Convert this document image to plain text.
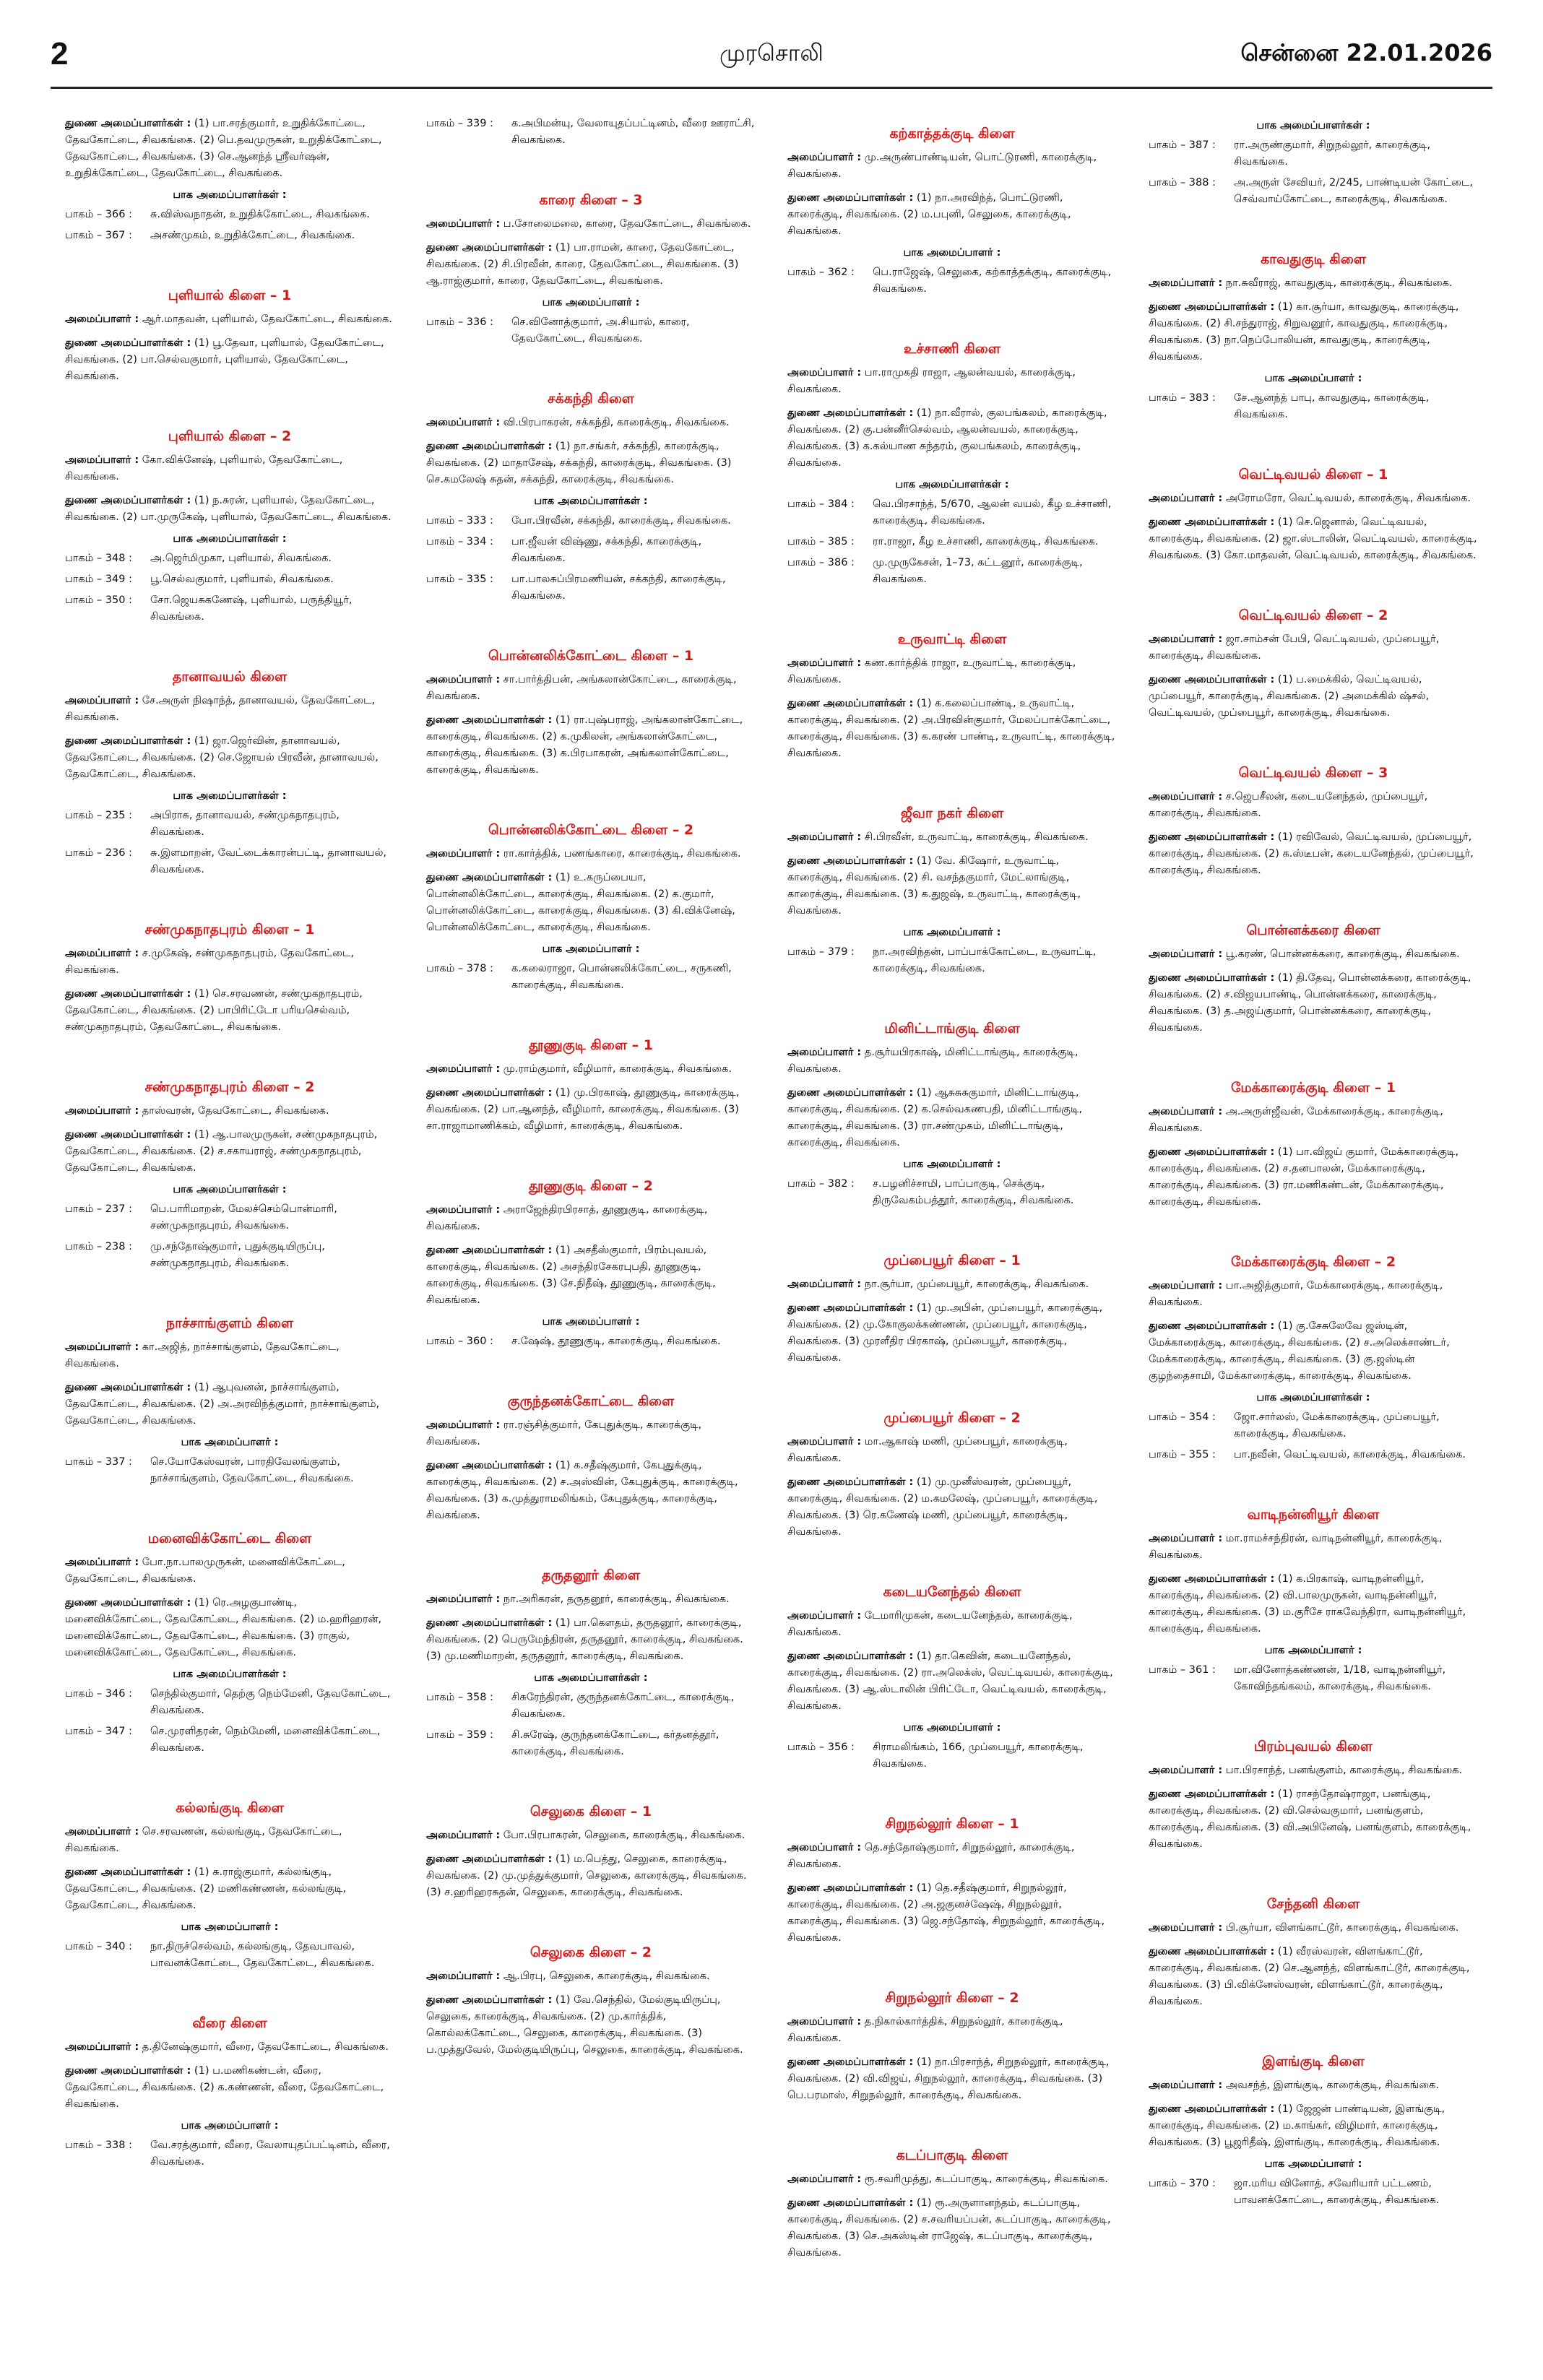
2	முரசொலி	சென்னை 22.01.2026
துணை அமைப்பாளர்கள் : (1) பா.சரத்குமார், உறுதிக்கோட்டை, தேவகோட்டை, சிவகங்கை. (2) பெ.தவமுருகன், உறுதிக்கோட்டை, தேவகோட்டை, சிவகங்கை. (3) செ.ஆனந்த் ஸ்ரீவர்ஷன், உறுதிக்கோட்டை, தேவகோட்டை, சிவகங்கை.
பாக அமைப்பாளர்கள் :
பாகம் – 366 :	சு.விஸ்வநாதன், உறுதிக்கோட்டை, சிவகங்கை.
பாகம் – 367 :	அசண்முகம், உறுதிக்கோட்டை, சிவகங்கை.
புளியால் கிளை – 1
அமைப்பாளர் : ஆர்.மாதவன், புளியால், தேவகோட்டை, சிவகங்கை.
துணை அமைப்பாளர்கள் : (1) பூ.தேவா, புளியால், தேவகோட்டை, சிவகங்கை. (2) பா.செல்வகுமார், புளியால், தேவகோட்டை, சிவகங்கை.
புளியால் கிளை – 2
அமைப்பாளர் : கோ.விக்னேஷ், புளியால், தேவகோட்டை, சிவகங்கை.
துணை அமைப்பாளர்கள் : (1) ந.சுரன், புளியால், தேவகோட்டை, சிவகங்கை. (2) பா.முருகேஷ், புளியால், தேவகோட்டை, சிவகங்கை.
பாக அமைப்பாளர்கள் :
பாகம் – 348 :	அ.ஜெர்மிமுகா, புளியால், சிவகங்கை.
பாகம் – 349 :	பூ.செல்வகுமார், புளியால், சிவகங்கை.
பாகம் – 350 :	சோ.ஜெயசுகணேஷ், புளியால், பருத்தியூர், சிவகங்கை.
தானாவயல் கிளை
அமைப்பாளர் : சே.அருள் நிஷாந்த், தானாவயல், தேவகோட்டை, சிவகங்கை.
துணை அமைப்பாளர்கள் : (1) ஜா.ஜெர்வின், தானாவயல், தேவகோட்டை, சிவகங்கை. (2) செ.ஜோயல் பிரவீன், தானாவயல், தேவகோட்டை, சிவகங்கை.
பாக அமைப்பாளர்கள் :
பாகம் – 235 :	அபிராசு, தானாவயல், சண்முகநாதபுரம், சிவகங்கை.
பாகம் – 236 :	சு.இளமாறன், வேட்டைக்காரன்பட்டி, தானாவயல், சிவகங்கை.
சண்முகநாதபுரம் கிளை – 1
அமைப்பாளர் : ச.முகேஷ், சண்முகநாதபுரம், தேவகோட்டை, சிவகங்கை.
துணை அமைப்பாளர்கள் : (1) செ.சரவணன், சண்முகநாதபுரம், தேவகோட்டை, சிவகங்கை. (2) பாபிரிட்டோ பரியசெல்வம், சண்முகநாதபுரம், தேவகோட்டை, சிவகங்கை.
சண்முகநாதபுரம் கிளை – 2
அமைப்பாளர் : தாஸ்வரன், தேவகோட்டை, சிவகங்கை.
துணை அமைப்பாளர்கள் : (1) ஆ.பாலமுருகன், சண்முகநாதபுரம், தேவகோட்டை, சிவகங்கை. (2) ச.சகாயராஜ், சண்முகநாதபுரம், தேவகோட்டை, சிவகங்கை.
பாக அமைப்பாளர்கள் :
பாகம் – 237 :	பெ.பாரிமாறன், மேலச்செம்பொன்மாரி, சண்முகநாதபுரம், சிவகங்கை.
பாகம் – 238 :	மு.சந்தோஷ்குமார், புதுக்குடியிருப்பு, சண்முகநாதபுரம், சிவகங்கை.
நாச்சாங்குளம் கிளை
அமைப்பாளர் : கா.அஜித், நாச்சாங்குளம், தேவகோட்டை, சிவகங்கை.
துணை அமைப்பாளர்கள் : (1) ஆபுவனன், நாச்சாங்குளம், தேவகோட்டை, சிவகங்கை. (2) அ.அரவிந்த்குமார், நாச்சாங்குளம், தேவகோட்டை, சிவகங்கை.
பாக அமைப்பாளர் :
பாகம் – 337 :	செ.யோகேஸ்வரன், பாரதிவேலங்குளம், நாச்சாங்குளம், தேவகோட்டை, சிவகங்கை.
மனைவிக்கோட்டை கிளை
அமைப்பாளர் : போ.நா.பாலமுருகன், மனைவிக்கோட்டை, தேவகோட்டை, சிவகங்கை.
துணை அமைப்பாளர்கள் : (1) ரெ.அழகுபாண்டி, மனைவிக்கோட்டை, தேவகோட்டை, சிவகங்கை. (2) ம.ஹரிஹரன், மனைவிக்கோட்டை, தேவகோட்டை, சிவகங்கை. (3) ராகுல், மனைவிக்கோட்டை, தேவகோட்டை, சிவகங்கை.
பாக அமைப்பாளர்கள் :
பாகம் – 346 :	செந்தில்குமார், தெற்கு நெம்மேனி, தேவகோட்டை, சிவகங்கை.
பாகம் – 347 :	செ.முரளிதரன், நெம்மேனி, மனைவிக்கோட்டை, சிவகங்கை.
கல்லங்குடி கிளை
அமைப்பாளர் : செ.சரவணன், கல்லங்குடி, தேவகோட்டை, சிவகங்கை.
துணை அமைப்பாளர்கள் : (1) சு.ராஜ்குமார், கல்லங்குடி, தேவகோட்டை, சிவகங்கை. (2) மணிகண்ணன், கல்லங்குடி, தேவகோட்டை, சிவகங்கை.
பாக அமைப்பாளர் :
பாகம் – 340 :	நா.திருச்செல்வம், கல்லங்குடி, தேவபாவல், பாவனக்கோட்டை, தேவகோட்டை, சிவகங்கை.
வீரை கிளை
அமைப்பாளர் : த.தினேஷ்குமார், வீரை, தேவகோட்டை, சிவகங்கை.
துணை அமைப்பாளர்கள் : (1) ப.மணிகண்டன், வீரை, தேவகோட்டை, சிவகங்கை. (2) க.கண்ணன், வீரை, தேவகோட்டை, சிவகங்கை.
பாக அமைப்பாளர் :
பாகம் – 338 :	வே.சரத்குமார், வீரை, வேலாயுதப்பட்டினம், வீரை, சிவகங்கை.
பாகம் – 339 :	க.அபிமன்யு, வேலாயுதப்பட்டினம், வீரை ஊராட்சி, சிவகங்கை.
காரை கிளை – 3
அமைப்பாளர் : ப.சோலைமலை, காரை, தேவகோட்டை, சிவகங்கை.
துணை அமைப்பாளர்கள் : (1) பா.ராமன், காரை, தேவகோட்டை, சிவகங்கை. (2) சி.பிரவீன், காரை, தேவகோட்டை, சிவகங்கை. (3) ஆ.ராஜ்குமார், காரை, தேவகோட்டை, சிவகங்கை.
பாக அமைப்பாளர் :
பாகம் – 336 :	செ.வினோத்குமார், அ.சியால், காரை, தேவகோட்டை, சிவகங்கை.
சக்கந்தி கிளை
அமைப்பாளர் : வி.பிரபாகரன், சக்கந்தி, காரைக்குடி, சிவகங்கை.
துணை அமைப்பாளர்கள் : (1) நா.சங்கர், சக்கந்தி, காரைக்குடி, சிவகங்கை. (2) மாதாசேஷ், சக்கந்தி, காரைக்குடி, சிவகங்கை. (3) செ.கமலேஷ் சுதன், சக்கந்தி, காரைக்குடி, சிவகங்கை.
பாக அமைப்பாளர்கள் :
பாகம் – 333 :	போ.பிரவீன், சக்கந்தி, காரைக்குடி, சிவகங்கை.
பாகம் – 334 :	பா.ஜீவன் விஷ்ணு, சக்கந்தி, காரைக்குடி, சிவகங்கை.
பாகம் – 335 :	பா.பாலசுப்பிரமணியன், சக்கந்தி, காரைக்குடி, சிவகங்கை.
பொன்னலிக்கோட்டை கிளை – 1
அமைப்பாளர் : சா.பார்த்திபன், அங்கலான்கோட்டை, காரைக்குடி, சிவகங்கை.
துணை அமைப்பாளர்கள் : (1) ரா.புஷ்பராஜ், அங்கலான்கோட்டை, காரைக்குடி, சிவகங்கை. (2) க.முகிலன், அங்கலான்கோட்டை, காரைக்குடி, சிவகங்கை. (3) க.பிரபாகரன், அங்கலான்கோட்டை, காரைக்குடி, சிவகங்கை.
பொன்னலிக்கோட்டை கிளை – 2
அமைப்பாளர் : ரா.கார்த்திக், பணங்காரை, காரைக்குடி, சிவகங்கை.
துணை அமைப்பாளர்கள் : (1) உ.கருப்பையா, பொன்னலிக்கோட்டை, காரைக்குடி, சிவகங்கை. (2) க.குமார், பொன்னலிக்கோட்டை, காரைக்குடி, சிவகங்கை. (3) கி.விக்னேஷ், பொன்னலிக்கோட்டை, காரைக்குடி, சிவகங்கை.
பாக அமைப்பாளர் :
பாகம் – 378 :	க.கலைராஜா, பொன்னலிக்கோட்டை, சருகணி, காரைக்குடி, சிவகங்கை.
தூணுகுடி கிளை – 1
அமைப்பாளர் : மு.ராம்குமார், வீழிமார், காரைக்குடி, சிவகங்கை.
துணை அமைப்பாளர்கள் : (1) மு.பிரகாஷ், தூணுகுடி, காரைக்குடி, சிவகங்கை. (2) பா.ஆனந்த், வீழிமார், காரைக்குடி, சிவகங்கை. (3) சா.ராஜாமாணிக்கம், வீழிமார், காரைக்குடி, சிவகங்கை.
தூணுகுடி கிளை – 2
அமைப்பாளர் : அராஜேந்திரபிரசாத், தூணுகுடி, காரைக்குடி, சிவகங்கை.
துணை அமைப்பாளர்கள் : (1) அசதீஸ்குமார், பிரம்புவயல், காரைக்குடி, சிவகங்கை. (2) அசந்திரசேகரபுபதி, தூணுகுடி, காரைக்குடி, சிவகங்கை. (3) சே.நிதீஷ், தூணுகுடி, காரைக்குடி, சிவகங்கை.
பாக அமைப்பாளர் :
பாகம் – 360 :	ச.ஷேஷ், தூணுகுடி, காரைக்குடி, சிவகங்கை.
குருந்தனக்கோட்டை கிளை
அமைப்பாளர் : ரா.ரஞ்சித்குமார், கேபுதுக்குடி, காரைக்குடி, சிவகங்கை.
துணை அமைப்பாளர்கள் : (1) க.சதீஷ்குமார், கேபுதுக்குடி, காரைக்குடி, சிவகங்கை. (2) ச.அஸ்வின், கேபுதுக்குடி, காரைக்குடி, சிவகங்கை. (3) க.முத்துராமலிங்கம், கேபுதுக்குடி, காரைக்குடி, சிவகங்கை.
தருதனூர் கிளை
அமைப்பாளர் : நா.அரிகரன், தருதனூர், காரைக்குடி, சிவகங்கை.
துணை அமைப்பாளர்கள் : (1) பா.கௌதம், தருதனூர், காரைக்குடி, சிவகங்கை. (2) பெருமேந்திரன், தருதனூர், காரைக்குடி, சிவகங்கை. (3) மு.மணிமாறன், தருதனூர், காரைக்குடி, சிவகங்கை.
பாக அமைப்பாளர்கள் :
பாகம் – 358 :	சிசுரேந்திரன், குருந்தனக்கோட்டை, காரைக்குடி, சிவகங்கை.
பாகம் – 359 :	சி.சுரேஷ், குருந்தனக்கோட்டை, கர்தனத்தூர், காரைக்குடி, சிவகங்கை.
செலுகை கிளை – 1
அமைப்பாளர் : போ.பிரபாகரன், செலுகை, காரைக்குடி, சிவகங்கை.
துணை அமைப்பாளர்கள் : (1) ம.பெத்து, செலுகை, காரைக்குடி, சிவகங்கை. (2) மு.முத்துக்குமார், செலுகை, காரைக்குடி, சிவகங்கை. (3) ச.ஹரிஹரசுதன், செலுகை, காரைக்குடி, சிவகங்கை.
செலுகை கிளை – 2
அமைப்பாளர் : ஆ.பிரபு, செலுகை, காரைக்குடி, சிவகங்கை.
துணை அமைப்பாளர்கள் : (1) வே.செந்தில், மேல்குடியிருப்பு, செலுகை, காரைக்குடி, சிவகங்கை. (2) மு.கார்த்திக், கொல்லக்கோட்டை, செலுகை, காரைக்குடி, சிவகங்கை. (3) ப.முத்துவேல், மேல்குடியிருப்பு, செலுகை, காரைக்குடி, சிவகங்கை.
கற்காத்தக்குடி கிளை
அமைப்பாளர் : மு.அருண்பாண்டியன், பொட்டுரணி, காரைக்குடி, சிவகங்கை.
துணை அமைப்பாளர்கள் : (1) நா.அரவிந்த், பொட்டுரணி, காரைக்குடி, சிவகங்கை. (2) ம.பபுனி, செலுகை, காரைக்குடி, சிவகங்கை.
பாக அமைப்பாளர் :
பாகம் – 362 :	பெ.ராஜேஷ், செலுகை, கற்காத்தக்குடி, காரைக்குடி, சிவகங்கை.
உச்சாணி கிளை
அமைப்பாளர் : பா.ராமுகதி ராஜா, ஆலன்வயல், காரைக்குடி, சிவகங்கை.
துணை அமைப்பாளர்கள் : (1) நா.வீரால், குலபங்கலம், காரைக்குடி, சிவகங்கை. (2) கு.பன்னீர்செல்வம், ஆலன்வயல், காரைக்குடி, சிவகங்கை. (3) க.கல்யாண சுந்தரம், குலபங்கலம், காரைக்குடி, சிவகங்கை.
பாக அமைப்பாளர்கள் :
பாகம் – 384 :	வெ.பிரசாந்த், 5/670, ஆலன் வயல், கீழ உச்சாணி, காரைக்குடி, சிவகங்கை.
பாகம் – 385 :	ரா.ராஜா, கீழ உச்சாணி, காரைக்குடி, சிவகங்கை.
பாகம் – 386 :	மு.முருகேசன், 1–73, கட்டனூர், காரைக்குடி, சிவகங்கை.
உருவாட்டி கிளை
அமைப்பாளர் : கண.கார்த்திக் ராஜா, உருவாட்டி, காரைக்குடி, சிவகங்கை.
துணை அமைப்பாளர்கள் : (1) க.கலைப்பாண்டி, உருவாட்டி, காரைக்குடி, சிவகங்கை. (2) அ.பிரவின்குமார், மேலப்பாக்கோட்டை, காரைக்குடி, சிவகங்கை. (3) க.கரண் பாண்டி, உருவாட்டி, காரைக்குடி, சிவகங்கை.
ஜீவா நகர் கிளை
அமைப்பாளர் : சி.பிரவீன், உருவாட்டி, காரைக்குடி, சிவகங்கை.
துணை அமைப்பாளர்கள் : (1) வே. கிஷோர், உருவாட்டி, காரைக்குடி, சிவகங்கை. (2) சி. வசந்தகுமார், மேட்லாங்குடி, காரைக்குடி, சிவகங்கை. (3) க.துஜஷ், உருவாட்டி, காரைக்குடி, சிவகங்கை.
பாக அமைப்பாளர் :
பாகம் – 379 :	நா.அரவிந்தன், பாப்பாக்கோட்டை, உருவாட்டி, காரைக்குடி, சிவகங்கை.
மினிட்டாங்குடி கிளை
அமைப்பாளர் : த.சூர்யபிரகாஷ், மினிட்டாங்குடி, காரைக்குடி, சிவகங்கை.
துணை அமைப்பாளர்கள் : (1) ஆசுசுசுகுமார், மினிட்டாங்குடி, காரைக்குடி, சிவகங்கை. (2) க.செல்வகணபதி, மினிட்டாங்குடி, காரைக்குடி, சிவகங்கை. (3) ரா.சண்முகம், மினிட்டாங்குடி, காரைக்குடி, சிவகங்கை.
பாக அமைப்பாளர் :
பாகம் – 382 :	ச.பழனிச்சாமி, பாப்பாகுடி, செக்குடி, திருவேகம்பத்தூர், காரைக்குடி, சிவகங்கை.
முப்பையூர் கிளை – 1
அமைப்பாளர் : நா.சூர்யா, முப்பையூர், காரைக்குடி, சிவகங்கை.
துணை அமைப்பாளர்கள் : (1) மு.அபின், முப்பையூர், காரைக்குடி, சிவகங்கை. (2) மு.கோகுலக்கண்ணன், முப்பையூர், காரைக்குடி, சிவகங்கை. (3) முரளீதிர பிரகாஷ், முப்பையூர், காரைக்குடி, சிவகங்கை.
முப்பையூர் கிளை – 2
அமைப்பாளர் : மா.ஆகாஷ் மணி, முப்பையூர், காரைக்குடி, சிவகங்கை.
துணை அமைப்பாளர்கள் : (1) மு.முனீஸ்வரன், முப்பையூர், காரைக்குடி, சிவகங்கை. (2) ம.கமலேஷ், முப்பையூர், காரைக்குடி, சிவகங்கை. (3) ரெ.கணேஷ் மணி, முப்பையூர், காரைக்குடி, சிவகங்கை.
கடையனேந்தல் கிளை
அமைப்பாளர் : டேமாரிமுகன், கடையனேந்தல், காரைக்குடி, சிவகங்கை.
துணை அமைப்பாளர்கள் : (1) தா.கெவின், கடையனேந்தல், காரைக்குடி, சிவகங்கை. (2) ரா.அலெக்ஸ், வெட்டிவயல், காரைக்குடி, சிவகங்கை. (3) ஆ.ஸ்டாலின் பிரிட்டோ, வெட்டிவயல், காரைக்குடி, சிவகங்கை.
பாக அமைப்பாளர் :
பாகம் – 356 :	சிராமலிங்கம், 166, முப்பையூர், காரைக்குடி, சிவகங்கை.
சிறுநல்லூர் கிளை – 1
அமைப்பாளர் : தெ.சந்தோஷ்குமார், சிறுநல்லூர், காரைக்குடி, சிவகங்கை.
துணை அமைப்பாளர்கள் : (1) தெ.சதீஷ்குமார், சிறுநல்லூர், காரைக்குடி, சிவகங்கை. (2) அ.ஜகுனச்ஷேஷ், சிறுநல்லூர், காரைக்குடி, சிவகங்கை. (3) ஜெ.சந்தோஷ், சிறுநல்லூர், காரைக்குடி, சிவகங்கை.
சிறுநல்லூர் கிளை – 2
அமைப்பாளர் : த.நிகால்கார்த்திக், சிறுநல்லூர், காரைக்குடி, சிவகங்கை.
துணை அமைப்பாளர்கள் : (1) நா.பிரசாந்த், சிறுநல்லூர், காரைக்குடி, சிவகங்கை. (2) வி.விஜய், சிறுநல்லூர், காரைக்குடி, சிவகங்கை. (3) பெ.பரமாஸ், சிறுநல்லூர், காரைக்குடி, சிவகங்கை.
கடப்பாகுடி கிளை
அமைப்பாளர் : ரூ.சவரிமுத்து, கடப்பாகுடி, காரைக்குடி, சிவகங்கை.
துணை அமைப்பாளர்கள் : (1) ரூ.அருளானந்தம், கடப்பாகுடி, காரைக்குடி, சிவகங்கை. (2) ச.சவரியப்பன், கடப்பாகுடி, காரைக்குடி, சிவகங்கை. (3) செ.அகஸ்டின் ராஜேஷ், கடப்பாகுடி, காரைக்குடி, சிவகங்கை.
பாக அமைப்பாளர்கள் :
பாகம் – 387 :	ரா.அருண்குமார், சிறுநல்லூர், காரைக்குடி, சிவகங்கை.
பாகம் – 388 :	அ.அருள் சேவியர், 2/245, பாண்டியன் கோட்டை, செவ்வாய்கோட்டை, காரைக்குடி, சிவகங்கை.
காவதுகுடி கிளை
அமைப்பாளர் : நா.சுவீராஜ், காவதுகுடி, காரைக்குடி, சிவகங்கை.
துணை அமைப்பாளர்கள் : (1) கா.சூர்யா, காவதுகுடி, காரைக்குடி, சிவகங்கை. (2) சி.சந்துராஜ், சிறுவனூர், காவதுகுடி, காரைக்குடி, சிவகங்கை. (3) நா.நெப்போலியன், காவதுகுடி, காரைக்குடி, சிவகங்கை.
பாக அமைப்பாளர் :
பாகம் – 383 :	சே.ஆனந்த் பாபு, காவதுகுடி, காரைக்குடி, சிவகங்கை.
வெட்டிவயல் கிளை – 1
அமைப்பாளர் : அரோமரோ, வெட்டிவயல், காரைக்குடி, சிவகங்கை.
துணை அமைப்பாளர்கள் : (1) செ.ஜெனால், வெட்டிவயல், காரைக்குடி, சிவகங்கை. (2) ஜா.ஸ்டாலின், வெட்டிவயல், காரைக்குடி, சிவகங்கை. (3) கோ.மாதவன், வெட்டிவயல், காரைக்குடி, சிவகங்கை.
வெட்டிவயல் கிளை – 2
அமைப்பாளர் : ஜா.சாம்சன் பேபி, வெட்டிவயல், முப்பையூர், காரைக்குடி, சிவகங்கை.
துணை அமைப்பாளர்கள் : (1) ப.மைக்கில், வெட்டிவயல், முப்பையூர், காரைக்குடி, சிவகங்கை. (2) அமைக்கில் ஷ்சல், வெட்டிவயல், முப்பையூர், காரைக்குடி, சிவகங்கை.
வெட்டிவயல் கிளை – 3
அமைப்பாளர் : ச.ஜெபசீலன், கடையனேந்தல், முப்பையூர், காரைக்குடி, சிவகங்கை.
துணை அமைப்பாளர்கள் : (1) ரவிவேல், வெட்டிவயல், முப்பையூர், காரைக்குடி, சிவகங்கை. (2) க.ஸ்டீபன், கடையனேந்தல், முப்பையூர், காரைக்குடி, சிவகங்கை.
பொன்னக்கரை கிளை
அமைப்பாளர் : பூ.கரண், பொன்னக்கரை, காரைக்குடி, சிவகங்கை.
துணை அமைப்பாளர்கள் : (1) தி.தேவு, பொன்னக்கரை, காரைக்குடி, சிவகங்கை. (2) ச.விஜயபாண்டி, பொன்னக்கரை, காரைக்குடி, சிவகங்கை. (3) த.அஜய்குமார், பொன்னக்கரை, காரைக்குடி, சிவகங்கை.
மேக்காரைக்குடி கிளை – 1
அமைப்பாளர் : அ.அருள்ஜீவன், மேக்காரைக்குடி, காரைக்குடி, சிவகங்கை.
துணை அமைப்பாளர்கள் : (1) பா.விஜய் குமார், மேக்காரைக்குடி, காரைக்குடி, சிவகங்கை. (2) ச.தனபாலன், மேக்காரைக்குடி, காரைக்குடி, சிவகங்கை. (3) ரா.மணிகண்டன், மேக்காரைக்குடி, காரைக்குடி, சிவகங்கை.
மேக்காரைக்குடி கிளை – 2
அமைப்பாளர் : பா.அஜித்குமார், மேக்காரைக்குடி, காரைக்குடி, சிவகங்கை.
துணை அமைப்பாளர்கள் : (1) கு.சேசுலேவே ஜஸ்டின், மேக்காரைக்குடி, காரைக்குடி, சிவகங்கை. (2) ச.அலெக்சாண்டர், மேக்காரைக்குடி, காரைக்குடி, சிவகங்கை. (3) கு.ஜஸ்டின் குழந்தைசாமி, மேக்காரைக்குடி, காரைக்குடி, சிவகங்கை.
பாக அமைப்பாளர்கள் :
பாகம் – 354 :	ஜோ.சார்லஸ், மேக்காரைக்குடி, முப்பையூர், காரைக்குடி, சிவகங்கை.
பாகம் – 355 :	பா.நவீன், வெட்டிவயல், காரைக்குடி, சிவகங்கை.
வாடிநன்னியூர் கிளை
அமைப்பாளர் : மா.ராமச்சந்திரன், வாடிநன்னியூர், காரைக்குடி, சிவகங்கை.
துணை அமைப்பாளர்கள் : (1) க.பிரகாஷ், வாடிநன்னியூர், காரைக்குடி, சிவகங்கை. (2) வி.பாலமுருகன், வாடிநன்னியூர், காரைக்குடி, சிவகங்கை. (3) ம.குரீசே ராகவேந்திரா, வாடிநன்னியூர், காரைக்குடி, சிவகங்கை.
பாக அமைப்பாளர் :
பாகம் – 361 :	மா.வினோத்கண்ணன், 1/18, வாடிநன்னியூர், கோவிந்தங்கலம், காரைக்குடி, சிவகங்கை.
பிரம்புவயல் கிளை
அமைப்பாளர் : பா.பிரசாந்த், பனங்குளம், காரைக்குடி, சிவகங்கை.
துணை அமைப்பாளர்கள் : (1) ராசந்தோஷ்ராஜா, பனங்குடி, காரைக்குடி, சிவகங்கை. (2) வி.செல்வகுமார், பனங்குளம், காரைக்குடி, சிவகங்கை. (3) வி.அபினேஷ், பனங்குளம், காரைக்குடி, சிவகங்கை.
சேந்தனி கிளை
அமைப்பாளர் : பி.சூர்யா, விளங்காட்டூர், காரைக்குடி, சிவகங்கை.
துணை அமைப்பாளர்கள் : (1) வீரஸ்வரன், விளங்காட்டூர், காரைக்குடி, சிவகங்கை. (2) செ.ஆனந்த், விளங்காட்டூர், காரைக்குடி, சிவகங்கை. (3) பி.விக்னேஸ்வரன், விளங்காட்டூர், காரைக்குடி, சிவகங்கை.
இளங்குடி கிளை
அமைப்பாளர் : அவசந்த், இளங்குடி, காரைக்குடி, சிவகங்கை.
துணை அமைப்பாளர்கள் : (1) ஜேஜன் பாண்டியன், இளங்குடி, காரைக்குடி, சிவகங்கை. (2) ம.காங்கர், விழிமார், காரைக்குடி, சிவகங்கை. (3) பூஜரிதீஷ், இளங்குடி, காரைக்குடி, சிவகங்கை.
பாக அமைப்பாளர் :
பாகம் – 370 :	ஜா.மரிய வினோத், சவேரியார் பட்டணம், பாவனக்கோட்டை, காரைக்குடி, சிவகங்கை.
